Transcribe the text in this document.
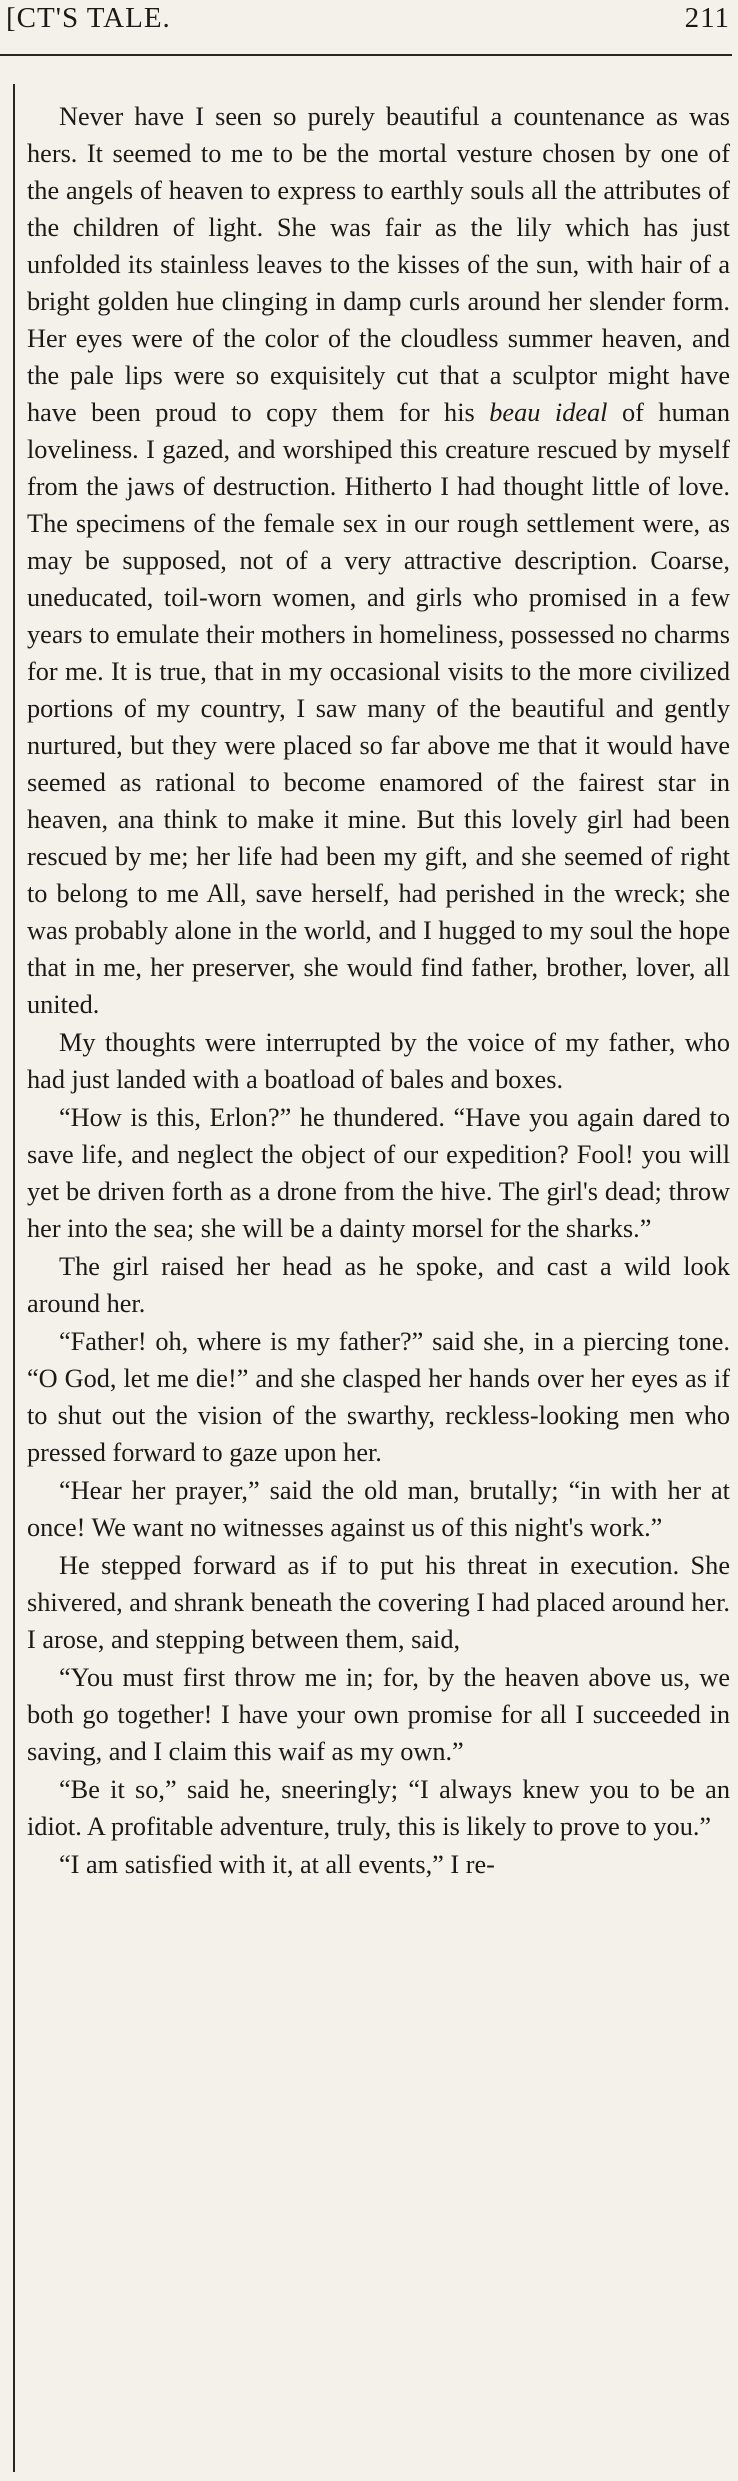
[CT'S TALE.	211

Never have I seen so purely beautiful a countenance as was hers. It seemed to me to be the mortal vesture chosen by one of the angels of heaven to express to earthly souls all the attributes of the children of light. She was fair as the lily which has just unfolded its stainless leaves to the kisses of the sun, with hair of a bright golden hue clinging in damp curls around her slender form. Her eyes were of the color of the cloudless summer heaven, and the pale lips were so exquisitely cut that a sculptor might have have been proud to copy them for his beau ideal of human loveliness. I gazed, and worshiped this creature rescued by myself from the jaws of destruction. Hitherto I had thought little of love. The specimens of the female sex in our rough settlement were, as may be supposed, not of a very attractive description. Coarse, uneducated, toil-worn women, and girls who promised in a few years to emulate their mothers in homeliness, possessed no charms for me. It is true, that in my occasional visits to the more civilized portions of my country, I saw many of the beautiful and gently nurtured, but they were placed so far above me that it would have seemed as rational to become enamored of the fairest star in heaven, ana think to make it mine. But this lovely girl had been rescued by me; her life had been my gift, and she seemed of right to belong to me All, save herself, had perished in the wreck; she was probably alone in the world, and I hugged to my soul the hope that in me, her preserver, she would find father, brother, lover, all united.

My thoughts were interrupted by the voice of my father, who had just landed with a boatload of bales and boxes.

“How is this, Erlon?” he thundered. “Have you again dared to save life, and neglect the object of our expedition? Fool! you will yet be driven forth as a drone from the hive. The girl's dead; throw her into the sea; she will be a dainty morsel for the sharks.”

The girl raised her head as he spoke, and cast a wild look around her.

“Father! oh, where is my father?” said she, in a piercing tone. “O God, let me die!” and she clasped her hands over her eyes as if to shut out the vision of the swarthy, reckless-looking men who pressed forward to gaze upon her.

“Hear her prayer,” said the old man, brutally; “in with her at once! We want no witnesses against us of this night's work.”

He stepped forward as if to put his threat in execution. She shivered, and shrank beneath the covering I had placed around her. I arose, and stepping between them, said,

“You must first throw me in; for, by the heaven above us, we both go together! I have your own promise for all I succeeded in saving, and I claim this waif as my own.”

“Be it so,” said he, sneeringly; “I always knew you to be an idiot. A profitable adventure, truly, this is likely to prove to you.”

“I am satisfied with it, at all events,” I re-
